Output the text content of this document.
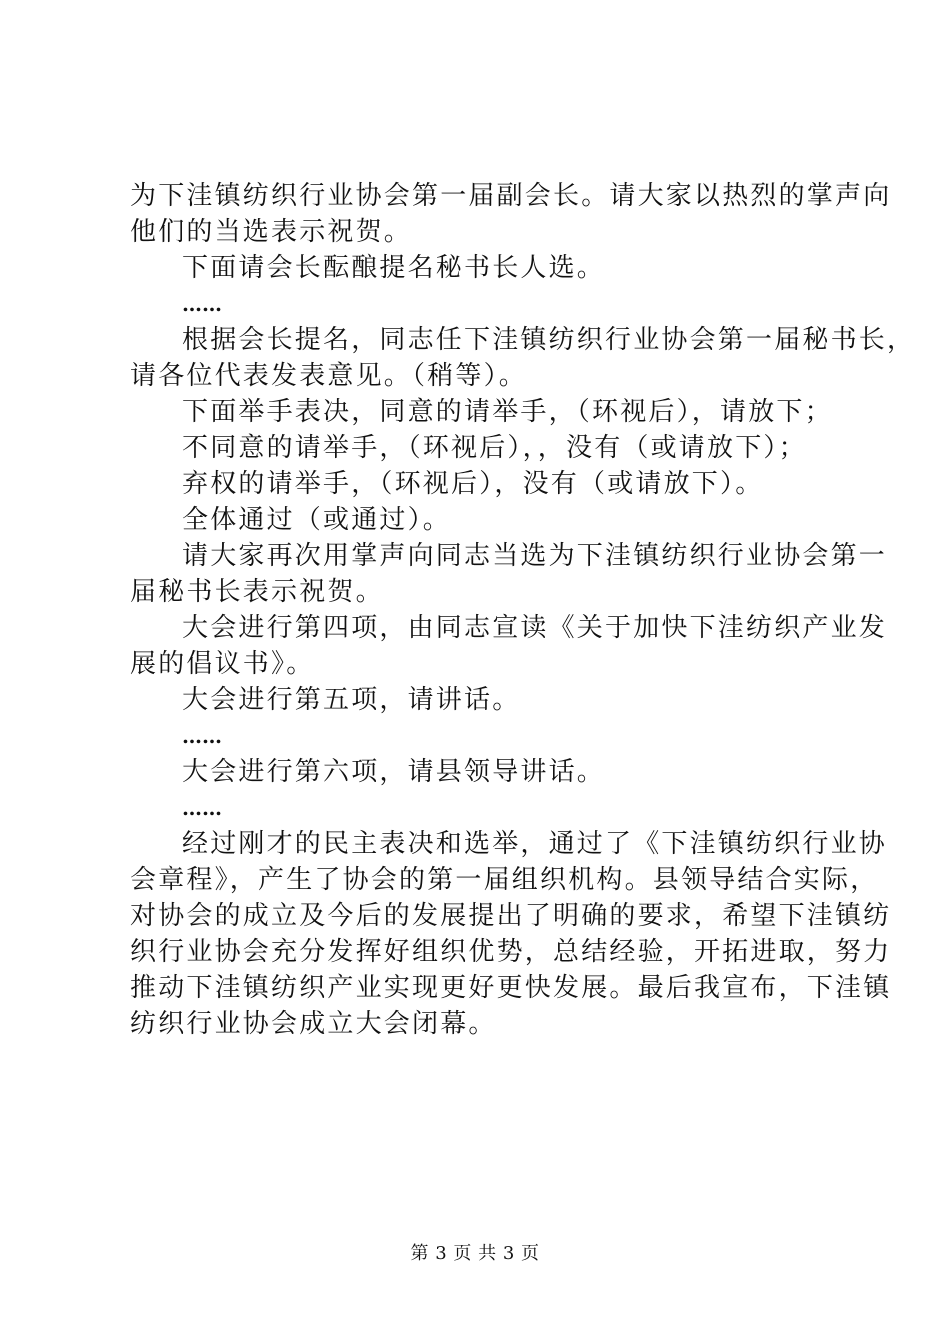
为下洼镇纺织行业协会第一届副会长。请大家以热烈的掌声向
他们的当选表示祝贺。
下面请会长酝酿提名秘书长人选。
……
根据会长提名，同志任下洼镇纺织行业协会第一届秘书长，
请各位代表发表意见。（稍等）。
下面举手表决，同意的请举手，（环视后），请放下；
不同意的请举手，（环视后），，没有（或请放下）；
弃权的请举手，（环视后），没有（或请放下）。
全体通过（或通过）。
请大家再次用掌声向同志当选为下洼镇纺织行业协会第一
届秘书长表示祝贺。
大会进行第四项，由同志宣读《关于加快下洼纺织产业发
展的倡议书》。
大会进行第五项，请讲话。
……
大会进行第六项，请县领导讲话。
……
经过刚才的民主表决和选举，通过了《下洼镇纺织行业协
会章程》，产生了协会的第一届组织机构。县领导结合实际，
对协会的成立及今后的发展提出了明确的要求，希望下洼镇纺
织行业协会充分发挥好组织优势，总结经验，开拓进取，努力
推动下洼镇纺织产业实现更好更快发展。最后我宣布，下洼镇
纺织行业协会成立大会闭幕。
第 3 页 共 3 页
